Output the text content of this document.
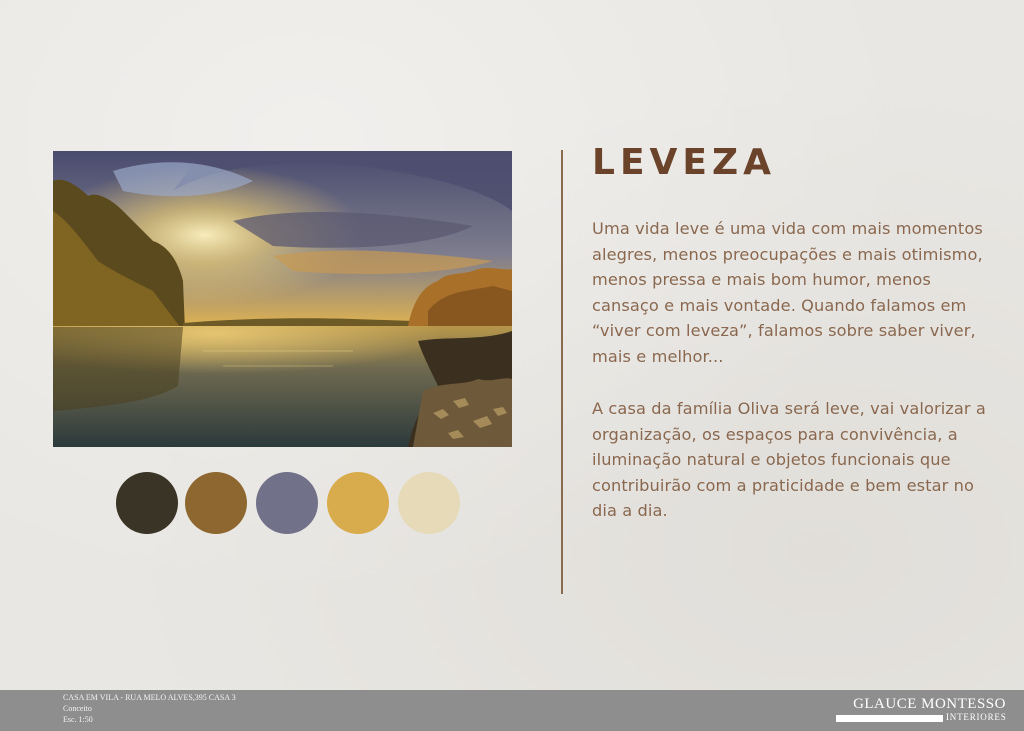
LEVEZA

Uma vida leve é uma vida com mais momentos alegres, menos preocupações e mais otimismo, menos pressa e mais bom humor, menos cansaço e mais vontade. Quando falamos em “viver com leveza”, falamos sobre saber viver, mais e melhor...

A casa da família Oliva será leve, vai valorizar a organização, os espaços para convivência, a iluminação natural e objetos funcionais que contribuirão com a praticidade e bem estar no dia a dia.

CASA EM VILA - RUA MELO ALVES,395 CASA 3
Conceito
Esc. 1:50
GLAUCE MONTESSO
INTERIORES
